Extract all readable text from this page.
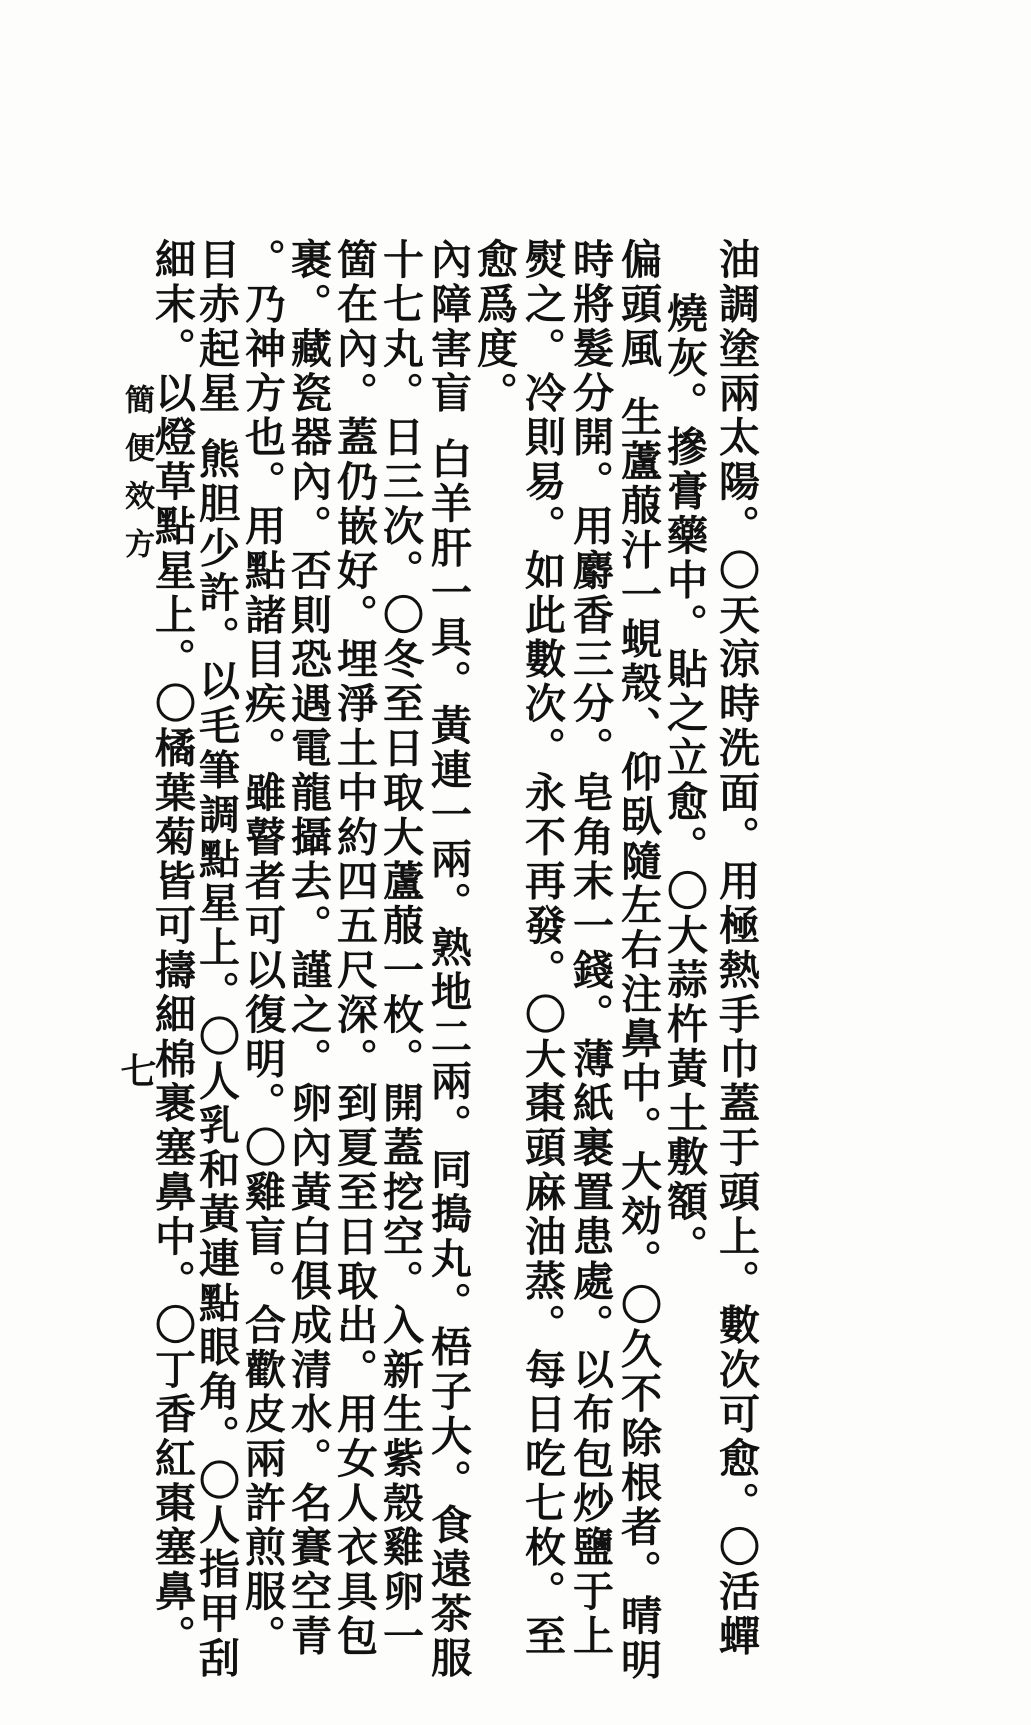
油調塗兩太陽。〇天涼時洗面。用極熱手巾蓋于頭上。數次可愈。〇活蟬
燒灰。摻膏藥中。貼之立愈。〇大蒜杵黃土敷額。
偏頭風生蘆菔汁一蜆殼、仰臥隨左右注鼻中。大効。〇久不除根者。晴明
時將髮分開。用麝香三分。皂角末一錢。薄紙裹置患處。以布包炒鹽于上
熨之。冷則易。如此數次。永不再發。〇大棗頭麻油蒸。每日吃七枚。至
愈爲度。
內障害盲白羊肝一具。黃連一兩。熟地二兩。同搗丸。梧子大。食遠茶服
十七丸。日三次。〇冬至日取大蘆菔一枚。開蓋挖空。入新生紫殼雞卵一
箇在內。蓋仍嵌好。埋淨土中約四五尺深。到夏至日取出。用女人衣具包
裹。藏瓷器內。否則恐遇電龍攝去。謹之。卵內黃白俱成清水。名賽空青
。乃神方也。用點諸目疾。雖瞽者可以復明。〇雞盲。合歡皮兩許煎服。
目赤起星熊胆少許。以毛筆調點星上。〇人乳和黃連點眼角。〇人指甲刮
細末。以燈草點星上。〇橘葉菊皆可擣細棉裹塞鼻中。〇丁香紅棗塞鼻。
簡便效方
七
